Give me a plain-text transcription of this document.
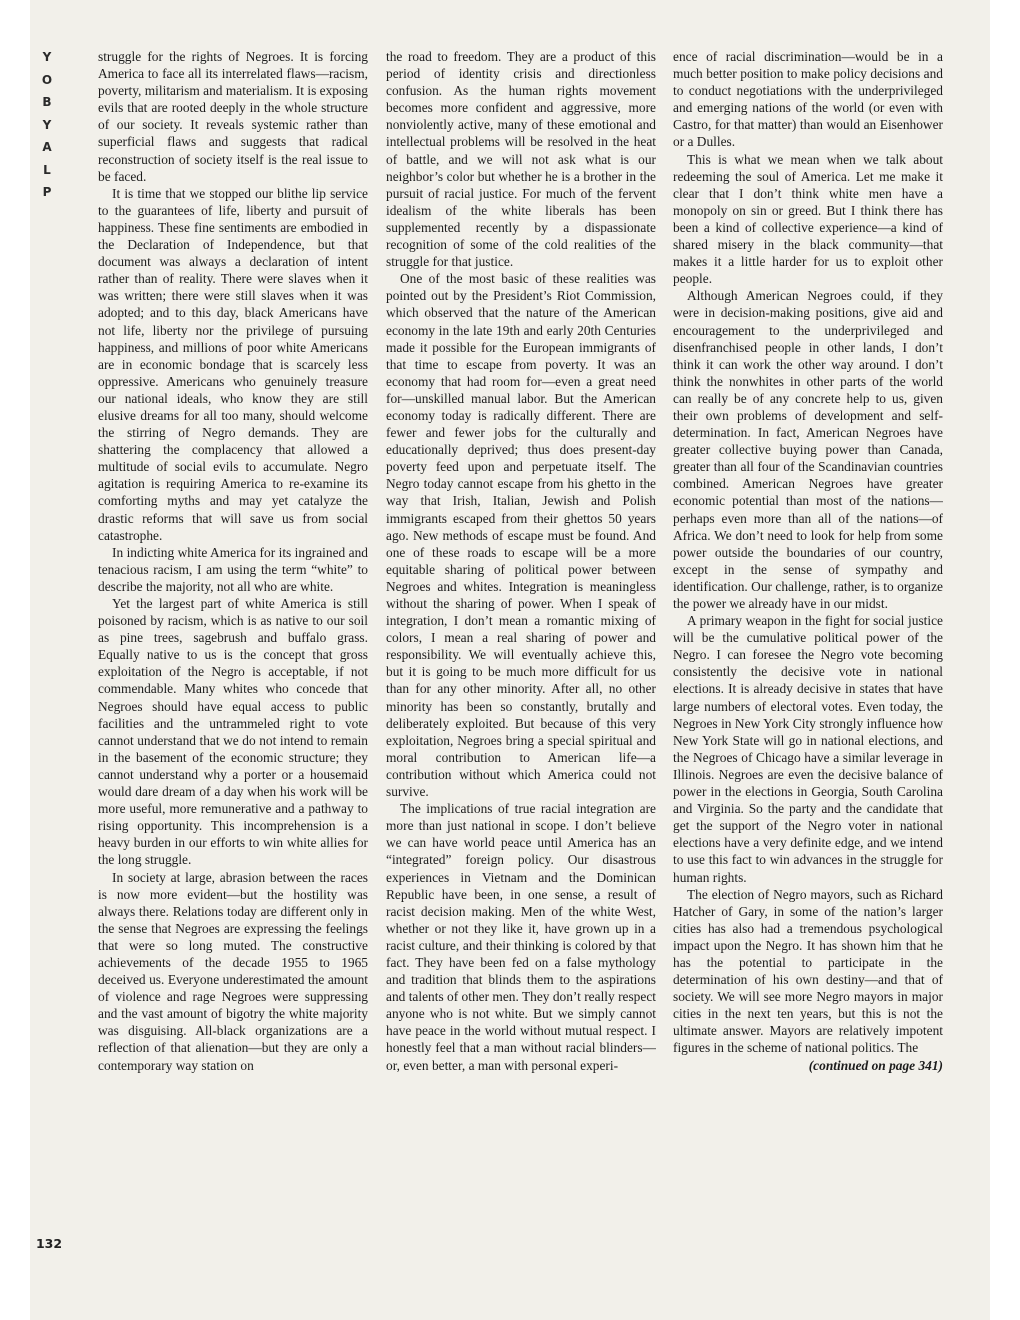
Y
O
B
Y
A
L
P
132

struggle for the rights of Negroes. It is forcing America to face all its interrelated flaws—racism, poverty, militarism and materialism. It is exposing evils that are rooted deeply in the whole structure of our society. It reveals systemic rather than superficial flaws and suggests that radical reconstruction of society itself is the real issue to be faced.

It is time that we stopped our blithe lip service to the guarantees of life, liberty and pursuit of happiness. These fine sentiments are embodied in the Declaration of Independence, but that document was always a declaration of intent rather than of reality. There were slaves when it was written; there were still slaves when it was adopted; and to this day, black Americans have not life, liberty nor the privilege of pursuing happiness, and millions of poor white Americans are in economic bondage that is scarcely less oppressive. Americans who genuinely treasure our national ideals, who know they are still elusive dreams for all too many, should welcome the stirring of Negro demands. They are shattering the complacency that allowed a multitude of social evils to accumulate. Negro agitation is requiring America to re-examine its comforting myths and may yet catalyze the drastic reforms that will save us from social catastrophe.

In indicting white America for its ingrained and tenacious racism, I am using the term “white” to describe the majority, not all who are white.

Yet the largest part of white America is still poisoned by racism, which is as native to our soil as pine trees, sagebrush and buffalo grass. Equally native to us is the concept that gross exploitation of the Negro is acceptable, if not commendable. Many whites who concede that Negroes should have equal access to public facilities and the untrammeled right to vote cannot understand that we do not intend to remain in the basement of the economic structure; they cannot understand why a porter or a housemaid would dare dream of a day when his work will be more useful, more remunerative and a pathway to rising opportunity. This incomprehension is a heavy burden in our efforts to win white allies for the long struggle.

In society at large, abrasion between the races is now more evident—but the hostility was always there. Relations today are different only in the sense that Negroes are expressing the feelings that were so long muted. The constructive achievements of the decade 1955 to 1965 deceived us. Everyone underestimated the amount of violence and rage Negroes were suppressing and the vast amount of bigotry the white majority was disguising. All-black organizations are a reflection of that alienation—but they are only a contemporary way station on

the road to freedom. They are a product of this period of identity crisis and directionless confusion. As the human rights movement becomes more confident and aggressive, more nonviolently active, many of these emotional and intellectual problems will be resolved in the heat of battle, and we will not ask what is our neighbor’s color but whether he is a brother in the pursuit of racial justice. For much of the fervent idealism of the white liberals has been supplemented recently by a dispassionate recognition of some of the cold realities of the struggle for that justice.

One of the most basic of these realities was pointed out by the President’s Riot Commission, which observed that the nature of the American economy in the late 19th and early 20th Centuries made it possible for the European immigrants of that time to escape from poverty. It was an economy that had room for—even a great need for—unskilled manual labor. But the American economy today is radically different. There are fewer and fewer jobs for the culturally and educationally deprived; thus does present-day poverty feed upon and perpetuate itself. The Negro today cannot escape from his ghetto in the way that Irish, Italian, Jewish and Polish immigrants escaped from their ghettos 50 years ago. New methods of escape must be found. And one of these roads to escape will be a more equitable sharing of political power between Negroes and whites. Integration is meaningless without the sharing of power. When I speak of integration, I don’t mean a romantic mixing of colors, I mean a real sharing of power and responsibility. We will eventually achieve this, but it is going to be much more difficult for us than for any other minority. After all, no other minority has been so constantly, brutally and deliberately exploited. But because of this very exploitation, Negroes bring a special spiritual and moral contribution to American life—a contribution without which America could not survive.

The implications of true racial integration are more than just national in scope. I don’t believe we can have world peace until America has an “integrated” foreign policy. Our disastrous experiences in Vietnam and the Dominican Republic have been, in one sense, a result of racist decision making. Men of the white West, whether or not they like it, have grown up in a racist culture, and their thinking is colored by that fact. They have been fed on a false mythology and tradition that blinds them to the aspirations and talents of other men. They don’t really respect anyone who is not white. But we simply cannot have peace in the world without mutual respect. I honestly feel that a man without racial blinders—or, even better, a man with personal experi-

ence of racial discrimination—would be in a much better position to make policy decisions and to conduct negotiations with the underprivileged and emerging nations of the world (or even with Castro, for that matter) than would an Eisenhower or a Dulles.

This is what we mean when we talk about redeeming the soul of America. Let me make it clear that I don’t think white men have a monopoly on sin or greed. But I think there has been a kind of collective experience—a kind of shared misery in the black community—that makes it a little harder for us to exploit other people.

Although American Negroes could, if they were in decision-making positions, give aid and encouragement to the underprivileged and disenfranchised people in other lands, I don’t think it can work the other way around. I don’t think the nonwhites in other parts of the world can really be of any concrete help to us, given their own problems of development and self-determination. In fact, American Negroes have greater collective buying power than Canada, greater than all four of the Scandinavian countries combined. American Negroes have greater economic potential than most of the nations—perhaps even more than all of the nations—of Africa. We don’t need to look for help from some power outside the boundaries of our country, except in the sense of sympathy and identification. Our challenge, rather, is to organize the power we already have in our midst.

A primary weapon in the fight for social justice will be the cumulative political power of the Negro. I can foresee the Negro vote becoming consistently the decisive vote in national elections. It is already decisive in states that have large numbers of electoral votes. Even today, the Negroes in New York City strongly influence how New York State will go in national elections, and the Negroes of Chicago have a similar leverage in Illinois. Negroes are even the decisive balance of power in the elections in Georgia, South Carolina and Virginia. So the party and the candidate that get the support of the Negro voter in national elections have a very definite edge, and we intend to use this fact to win advances in the struggle for human rights.

The election of Negro mayors, such as Richard Hatcher of Gary, in some of the nation’s larger cities has also had a tremendous psychological impact upon the Negro. It has shown him that he has the potential to participate in the determination of his own destiny—and that of society. We will see more Negro mayors in major cities in the next ten years, but this is not the ultimate answer. Mayors are relatively impotent figures in the scheme of national politics. The

(continued on page 341)
